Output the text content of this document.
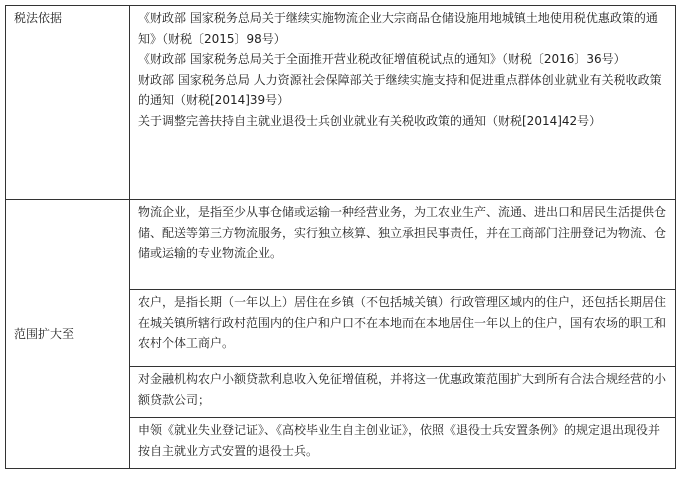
税法依据	《财政部 国家税务总局关于继续实施物流企业大宗商品仓储设施用地城镇土地使用税优惠政策的通知》（财税〔2015〕98号）
《财政部 国家税务总局关于全面推开营业税改征增值税试点的通知》（财税〔2016〕36号）
财政部 国家税务总局 人力资源社会保障部关于继续实施支持和促进重点群体创业就业有关税收政策的通知（财税[2014]39号）
关于调整完善扶持自主就业退役士兵创业就业有关税收政策的通知（财税[2014]42号）

范围扩大至	物流企业，是指至少从事仓储或运输一种经营业务，为工农业生产、流通、进出口和居民生活提供仓储、配送等第三方物流服务，实行独立核算、独立承担民事责任，并在工商部门注册登记为物流、仓储或运输的专业物流企业。
	农户，是指长期（一年以上）居住在乡镇（不包括城关镇）行政管理区域内的住户，还包括长期居住在城关镇所辖行政村范围内的住户和户口不在本地而在本地居住一年以上的住户，国有农场的职工和农村个体工商户。
	对金融机构农户小额贷款利息收入免征增值税，并将这一优惠政策范围扩大到所有合法合规经营的小额贷款公司；
	申领《就业失业登记证》、《高校毕业生自主创业证》，依照《退役士兵安置条例》的规定退出现役并按自主就业方式安置的退役士兵。
